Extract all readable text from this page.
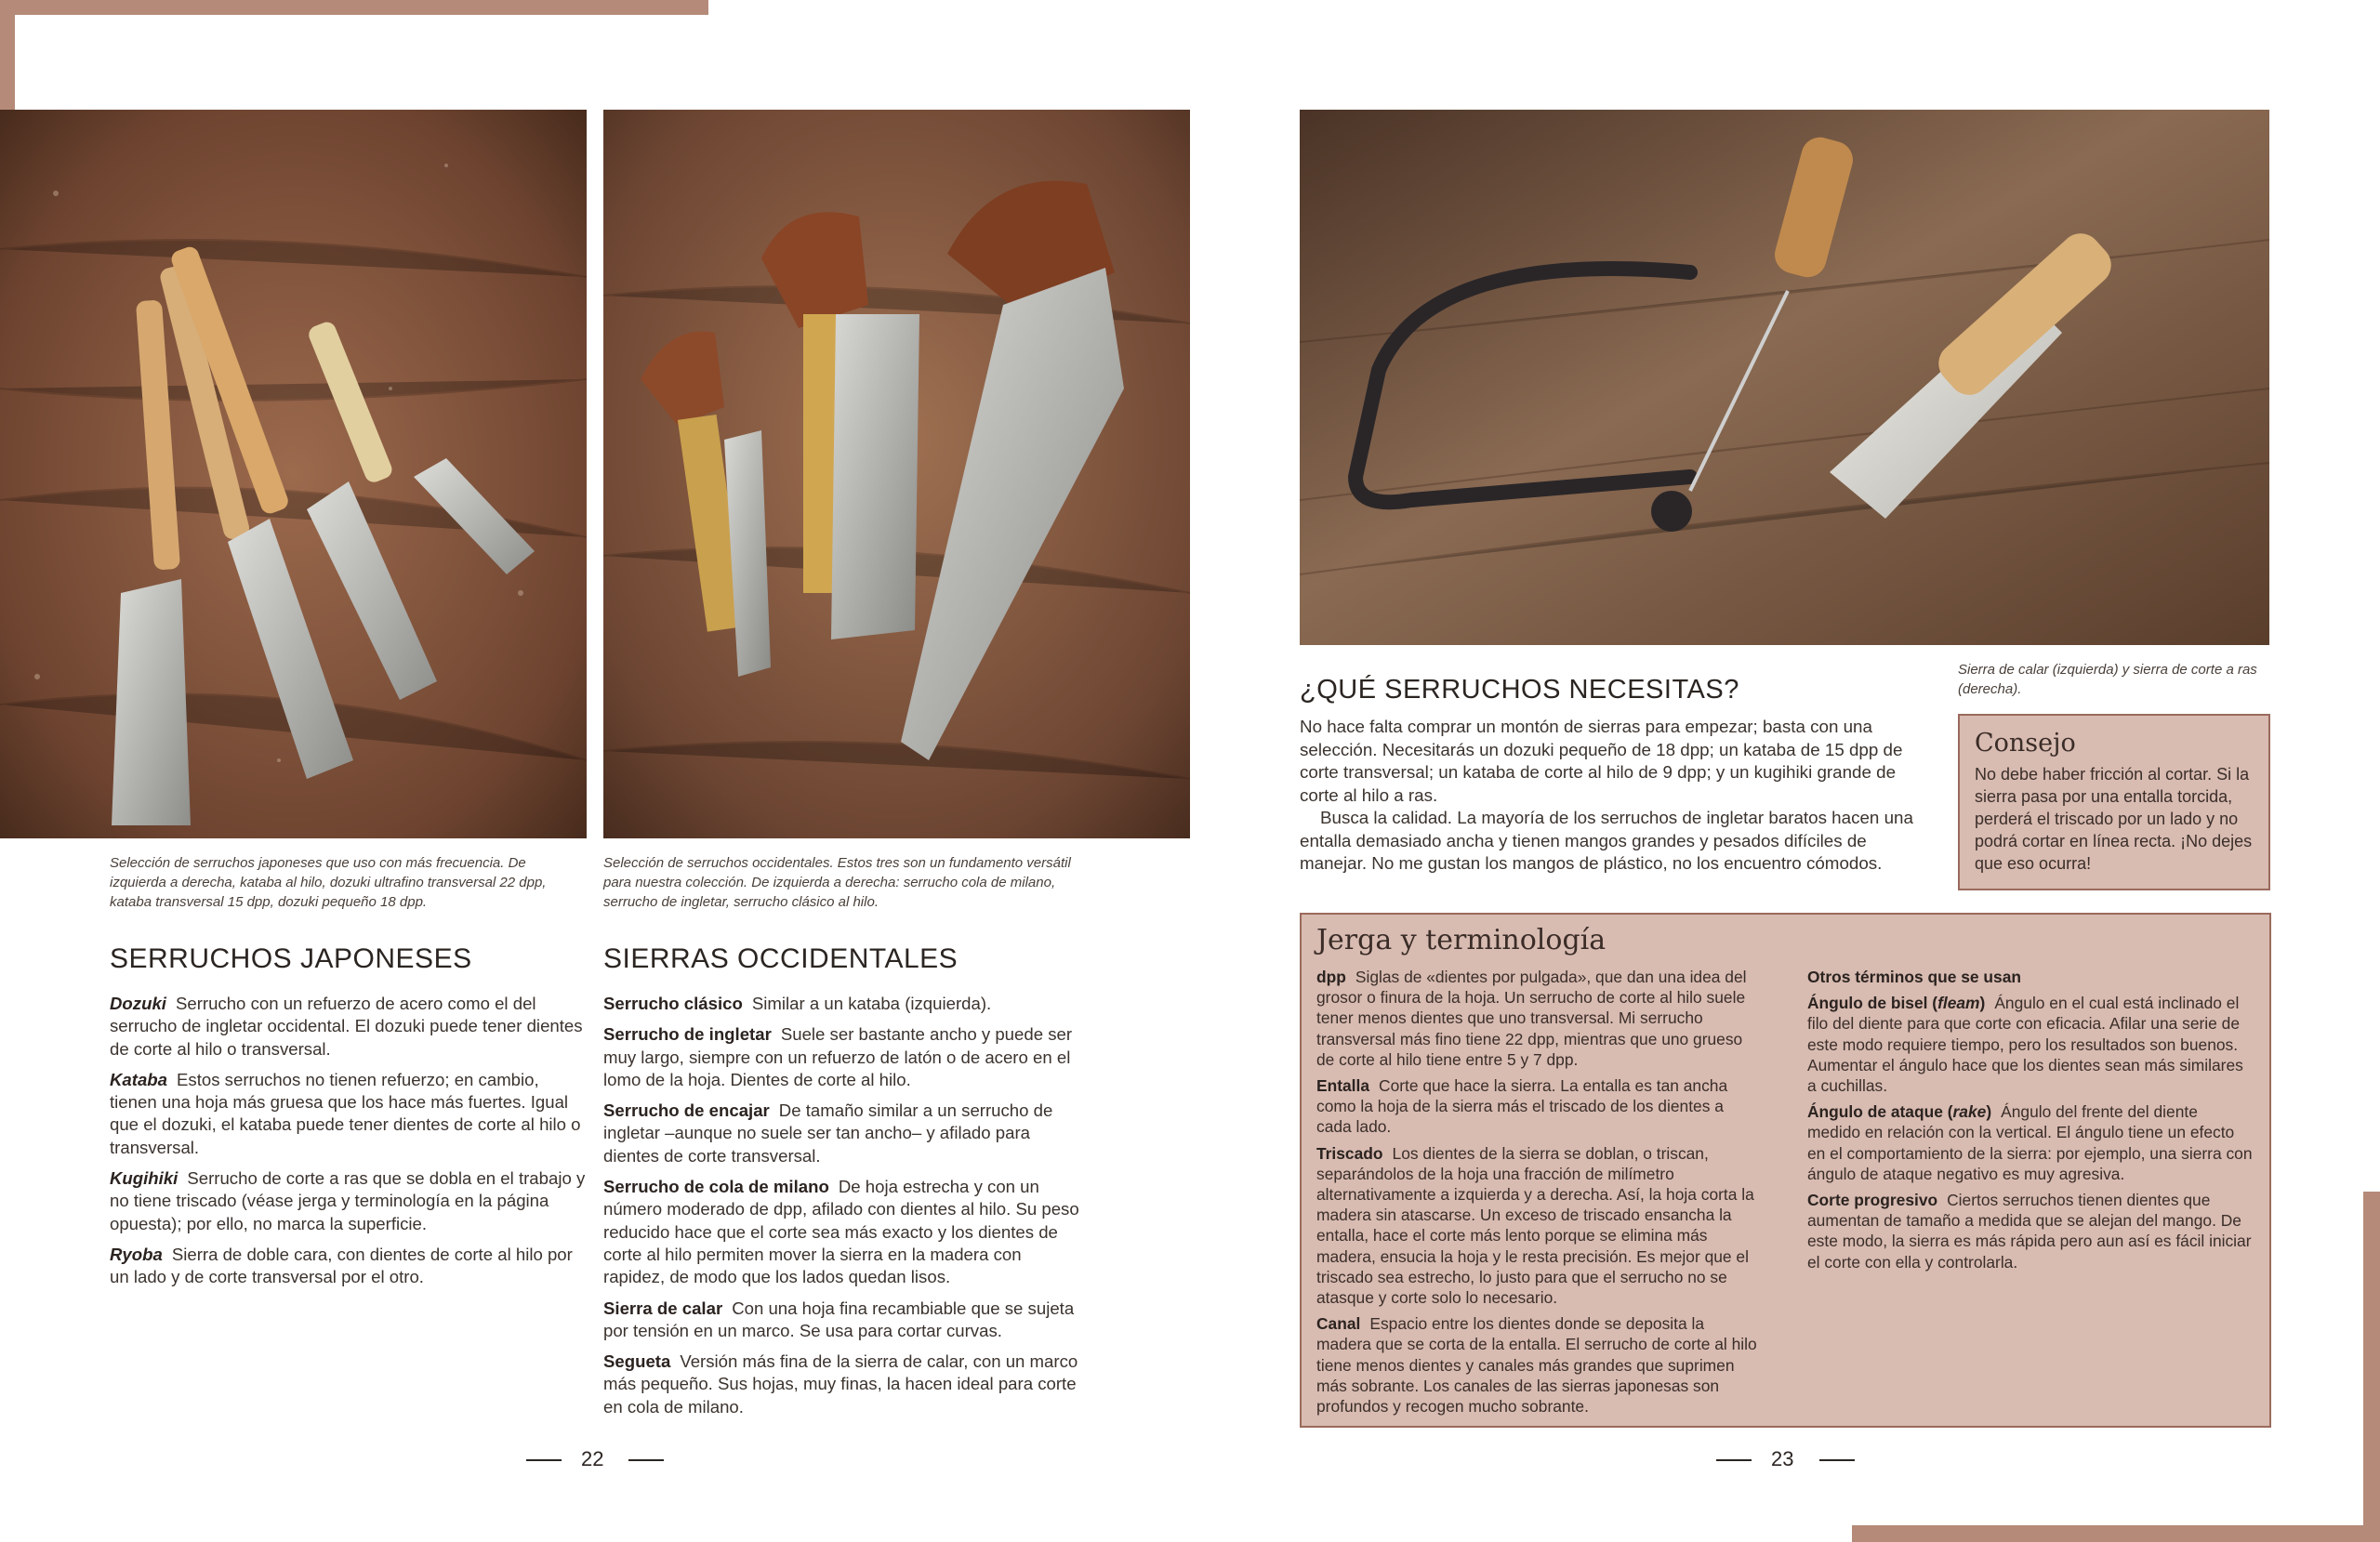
Selección de serruchos japoneses que uso con más frecuencia. De izquierda a derecha, kataba al hilo, dozuki ultrafino transversal 22 dpp, kataba transversal 15 dpp, dozuki pequeño 18 dpp.
Selección de serruchos occidentales. Estos tres son un fundamento versátil para nuestra colección. De izquierda a derecha: serrucho cola de milano, serrucho de ingletar, serrucho clásico al hilo.
SERRUCHOS JAPONESES
Dozuki Serrucho con un refuerzo de acero como el del serrucho de ingletar occidental. El dozuki puede tener dientes de corte al hilo o transversal.
Kataba Estos serruchos no tienen refuerzo; en cambio, tienen una hoja más gruesa que los hace más fuertes. Igual que el dozuki, el kataba puede tener dientes de corte al hilo o transversal.
Kugihiki Serrucho de corte a ras que se dobla en el trabajo y no tiene triscado (véase jerga y terminología en la página opuesta); por ello, no marca la superficie.
Ryoba Sierra de doble cara, con dientes de corte al hilo por un lado y de corte transversal por el otro.
SIERRAS OCCIDENTALES
Serrucho clásico Similar a un kataba (izquierda).
Serrucho de ingletar Suele ser bastante ancho y puede ser muy largo, siempre con un refuerzo de latón o de acero en el lomo de la hoja. Dientes de corte al hilo.
Serrucho de encajar De tamaño similar a un serrucho de ingletar –aunque no suele ser tan ancho– y afilado para dientes de corte transversal.
Serrucho de cola de milano De hoja estrecha y con un número moderado de dpp, afilado con dientes al hilo. Su peso reducido hace que el corte sea más exacto y los dientes de corte al hilo permiten mover la sierra en la madera con rapidez, de modo que los lados quedan lisos.
Sierra de calar Con una hoja fina recambiable que se sujeta por tensión en un marco. Se usa para cortar curvas.
Segueta Versión más fina de la sierra de calar, con un marco más pequeño. Sus hojas, muy finas, la hacen ideal para corte en cola de milano.
22
Sierra de calar (izquierda) y sierra de corte a ras (derecha).
¿QUÉ SERRUCHOS NECESITAS?

No hace falta comprar un montón de sierras para empezar; basta con una selección. Necesitarás un dozuki pequeño de 18 dpp; un kataba de 15 dpp de corte transversal; un kataba de corte al hilo de 9 dpp; y un kugihiki grande de corte al hilo a ras.

Busca la calidad. La mayoría de los serruchos de ingletar baratos hacen una entalla demasiado ancha y tienen mangos grandes y pesados difíciles de manejar. No me gustan los mangos de plástico, no los encuentro cómodos.

Consejo
No debe haber fricción al cortar. Si la sierra pasa por una entalla torcida, perderá el triscado por un lado y no podrá cortar en línea recta. ¡No dejes que eso ocurra!
Jerga y terminología
dpp Siglas de «dientes por pulgada», que dan una idea del grosor o finura de la hoja. Un serrucho de corte al hilo suele tener menos dientes que uno transversal. Mi serrucho transversal más fino tiene 22 dpp, mientras que uno grueso de corte al hilo tiene entre 5 y 7 dpp.
Entalla Corte que hace la sierra. La entalla es tan ancha como la hoja de la sierra más el triscado de los dientes a cada lado.
Triscado Los dientes de la sierra se doblan, o triscan, separándolos de la hoja una fracción de milímetro alternativamente a izquierda y a derecha. Así, la hoja corta la madera sin atascarse. Un exceso de triscado ensancha la entalla, hace el corte más lento porque se elimina más madera, ensucia la hoja y le resta precisión. Es mejor que el triscado sea estrecho, lo justo para que el serrucho no se atasque y corte solo lo necesario.
Canal Espacio entre los dientes donde se deposita la madera que se corta de la entalla. El serrucho de corte al hilo tiene menos dientes y canales más grandes que suprimen más sobrante. Los canales de las sierras japonesas son profundos y recogen mucho sobrante.
Otros términos que se usan
Ángulo de bisel (fleam) Ángulo en el cual está inclinado el filo del diente para que corte con eficacia. Afilar una serie de este modo requiere tiempo, pero los resultados son buenos. Aumentar el ángulo hace que los dientes sean más similares a cuchillas.
Ángulo de ataque (rake) Ángulo del frente del diente medido en relación con la vertical. El ángulo tiene un efecto en el comportamiento de la sierra: por ejemplo, una sierra con ángulo de ataque negativo es muy agresiva.
Corte progresivo Ciertos serruchos tienen dientes que aumentan de tamaño a medida que se alejan del mango. De este modo, la sierra es más rápida pero aun así es fácil iniciar el corte con ella y controlarla.
23
